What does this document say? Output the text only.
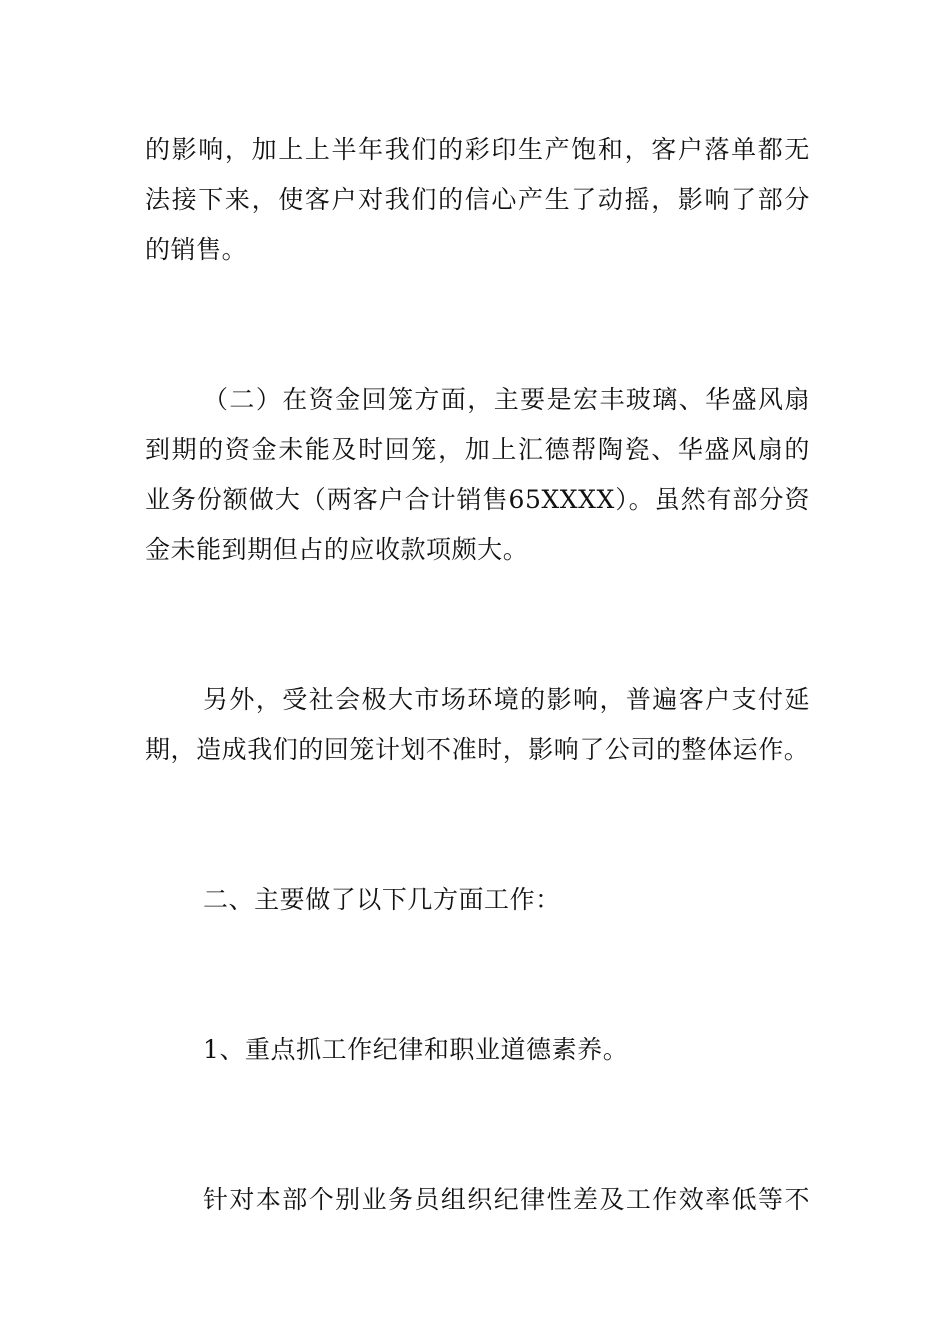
的影响，加上上半年我们的彩印生产饱和，客户落单都无
法接下来，使客户对我们的信心产生了动摇，影响了部分
的销售。
（二）在资金回笼方面，主要是宏丰玻璃、华盛风扇
到期的资金未能及时回笼，加上汇德帮陶瓷、华盛风扇的
业务份额做大（两客户合计销售65XXXX）。虽然有部分资
金未能到期但占的应收款项颇大。
另外，受社会极大市场环境的影响，普遍客户支付延
期，造成我们的回笼计划不准时，影响了公司的整体运作。
二、主要做了以下几方面工作：
1、重点抓工作纪律和职业道德素养。
针对本部个别业务员组织纪律性差及工作效率低等不
